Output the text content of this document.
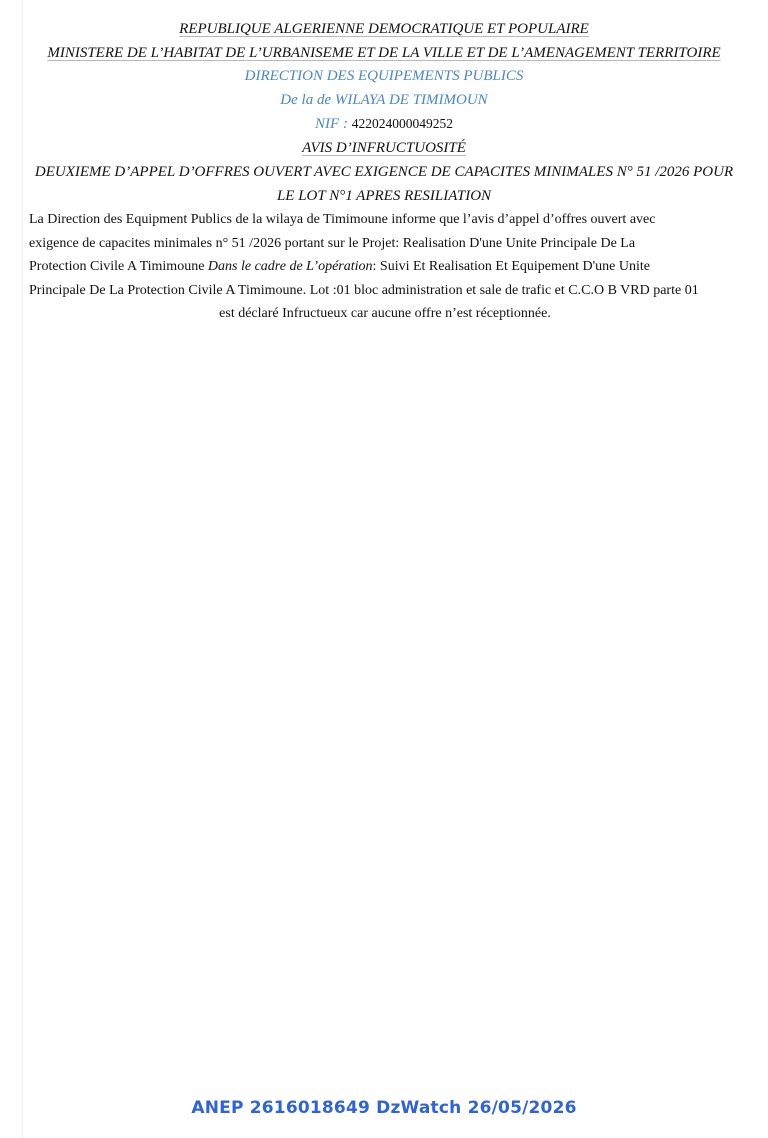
REPUBLIQUE ALGERIENNE DEMOCRATIQUE ET POPULAIRE
MINISTERE DE L’HABITAT DE L’URBANISEME ET DE LA VILLE ET DE L’AMENAGEMENT TERRITOIRE
DIRECTION DES EQUIPEMENTS PUBLICS
De la de WILAYA DE TIMIMOUN
NIF : 422024000049252
AVIS D’INFRUCTUOSITÉ
DEUXIEME D’APPEL D’OFFRES OUVERT AVEC EXIGENCE DE CAPACITES MINIMALES N° 51 /2026 POUR LE LOT N°1 APRES RESILIATION
La Direction des Equipment Publics de la wilaya de Timimoune informe que l’avis d’appel d’offres ouvert avec
exigence de capacites minimales n° 51 /2026 portant sur le Projet: Realisation D'une Unite Principale De La
Protection Civile A Timimoune Dans le cadre de L’opération: Suivi Et Realisation Et Equipement D'une Unite
Principale De La Protection Civile A Timimoune. Lot :01 bloc administration et sale de trafic et C.C.O B VRD parte 01
est déclaré Infructueux car aucune offre n’est réceptionnée.
ANEP 2616018649 DzWatch 26/05/2026
